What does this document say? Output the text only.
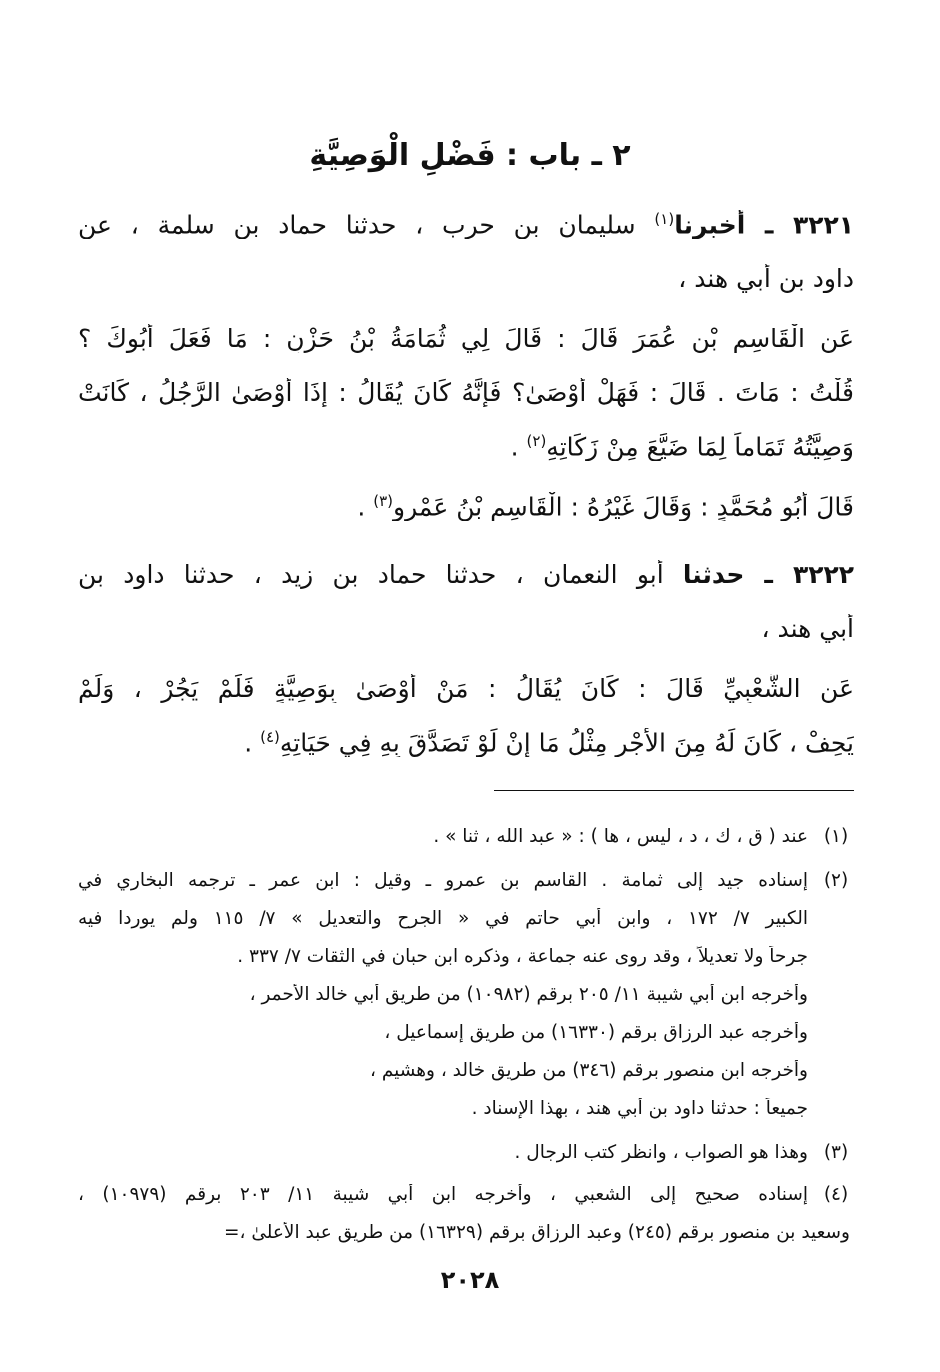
٢ ـ باب : فَضْلِ الْوَصِيَّةِ
٣٢٢١ ـ أخبرنا$^{(١)}$ سليمان بن حرب ، حدثنا حماد بن سلمة ، عن
داود بن أبي هند ،
عَنِ الْقَاسِمِ بْنِ عُمَرَ قَالَ : قَالَ لِي ثُمَامَةُ بْنُ حَزْنٍ : مَا فَعَلَ أَبُوكَ ؟
قُلْتُ : مَاتَ . قَالَ : فَهَلْ أَوْصَىٰ؟ فَإِنَّهُ كَانَ يُقَالُ : إِذَا أَوْصَىٰ الرَّجُلُ ، كَانَتْ
وَصِيَّتُهُ تَمَاماً لِمَا ضَيَّعَ مِنْ زَكَاتِهِ$^{(٢)}$ .
قَالَ أَبُو مُحَمَّدٍ : وَقَالَ غَيْرُهُ : الْقَاسِمِ بْنُ عَمْرٍو$^{(٣)}$ .
٣٢٢٢ ـ حدثنا أبو النعمان ، حدثنا حماد بن زيد ، حدثنا داود بن
أبي هند ،
عَنِ الشَّعْبِيِّ قَالَ : كَانَ يُقَالُ : مَنْ أَوْصَىٰ بِوَصِيَّةٍ فَلَمْ يَجُرْ ، وَلَمْ
يَحِفْ ، كَانَ لَهُ مِنَ الأَجْرِ مِثْلُ مَا إِنْ لَوْ تَصَدَّقَ بِهِ فِي حَيَاتِهِ$^{(٤)}$ .
(١)
عند ( ق ، ك ، د ، ليس ، ها ) : « عبد الله ، ثنا » .
(٢)
إسناده جيد إلى ثمامة . القاسم بن عمرو ـ وقيل : ابن عمر ـ ترجمه البخاري في
الكبير ٧/ ١٧٢ ، وابن أبي حاتم في « الجرح والتعديل » ٧/ ١١٥ ولم يوردا فيه
جرحاً ولا تعديلاً ، وقد روى عنه جماعة ، وذكره ابن حبان في الثقات ٧/ ٣٣٧ .
وأخرجه ابن أبي شيبة ١١/ ٢٠٥ برقم (١٠٩٨٢) من طريق أبي خالد الأحمر ،
وأخرجه عبد الرزاق برقم (١٦٣٣٠) من طريق إسماعيل ،
وأخرجه ابن منصور برقم (٣٤٦) من طريق خالد ، وهشيم ،
جميعاً : حدثنا داود بن أبي هند ، بهذا الإسناد .
(٣)
وهذا هو الصواب ، وانظر كتب الرجال .
(٤)
إسناده صحيح إلى الشعبي ، وأخرجه ابن أبي شيبة ١١/ ٢٠٣ برقم (١٠٩٧٩) ،
وسعيد بن منصور برقم (٢٤٥) وعبد الرزاق برقم (١٦٣٢٩) من طريق عبد الأعلىٰ ،=
٢٠٢٨
